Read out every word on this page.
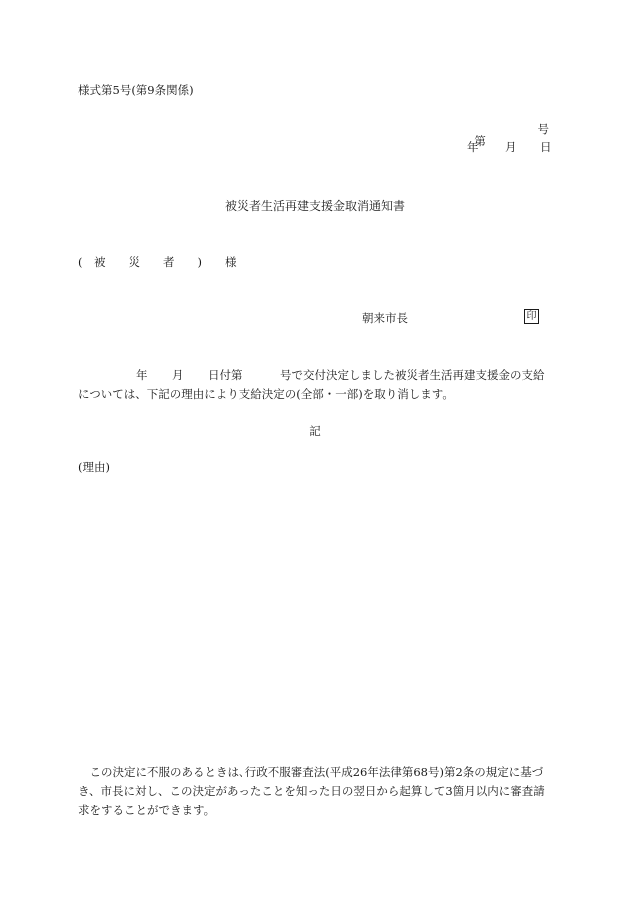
様式第5号(第9条関係)

第

号

年

月

日

被災者生活再建支援金取消通知書
(　被　　災　　者　　)　　様
朝来市長	印

年

月

日付第

	号で交付決定しました被災者生活再建支援金の支給

については、下記の理由により支給決定の(全部・一部)を取り消します。
記
(理由)
　この決定に不服のあるときは､行政不服審査法(平成26年法律第68号)第2条の規定に基づ
き、市長に対し、この決定があったことを知った日の翌日から起算して3箇月以内に審査請
求をすることができます。
